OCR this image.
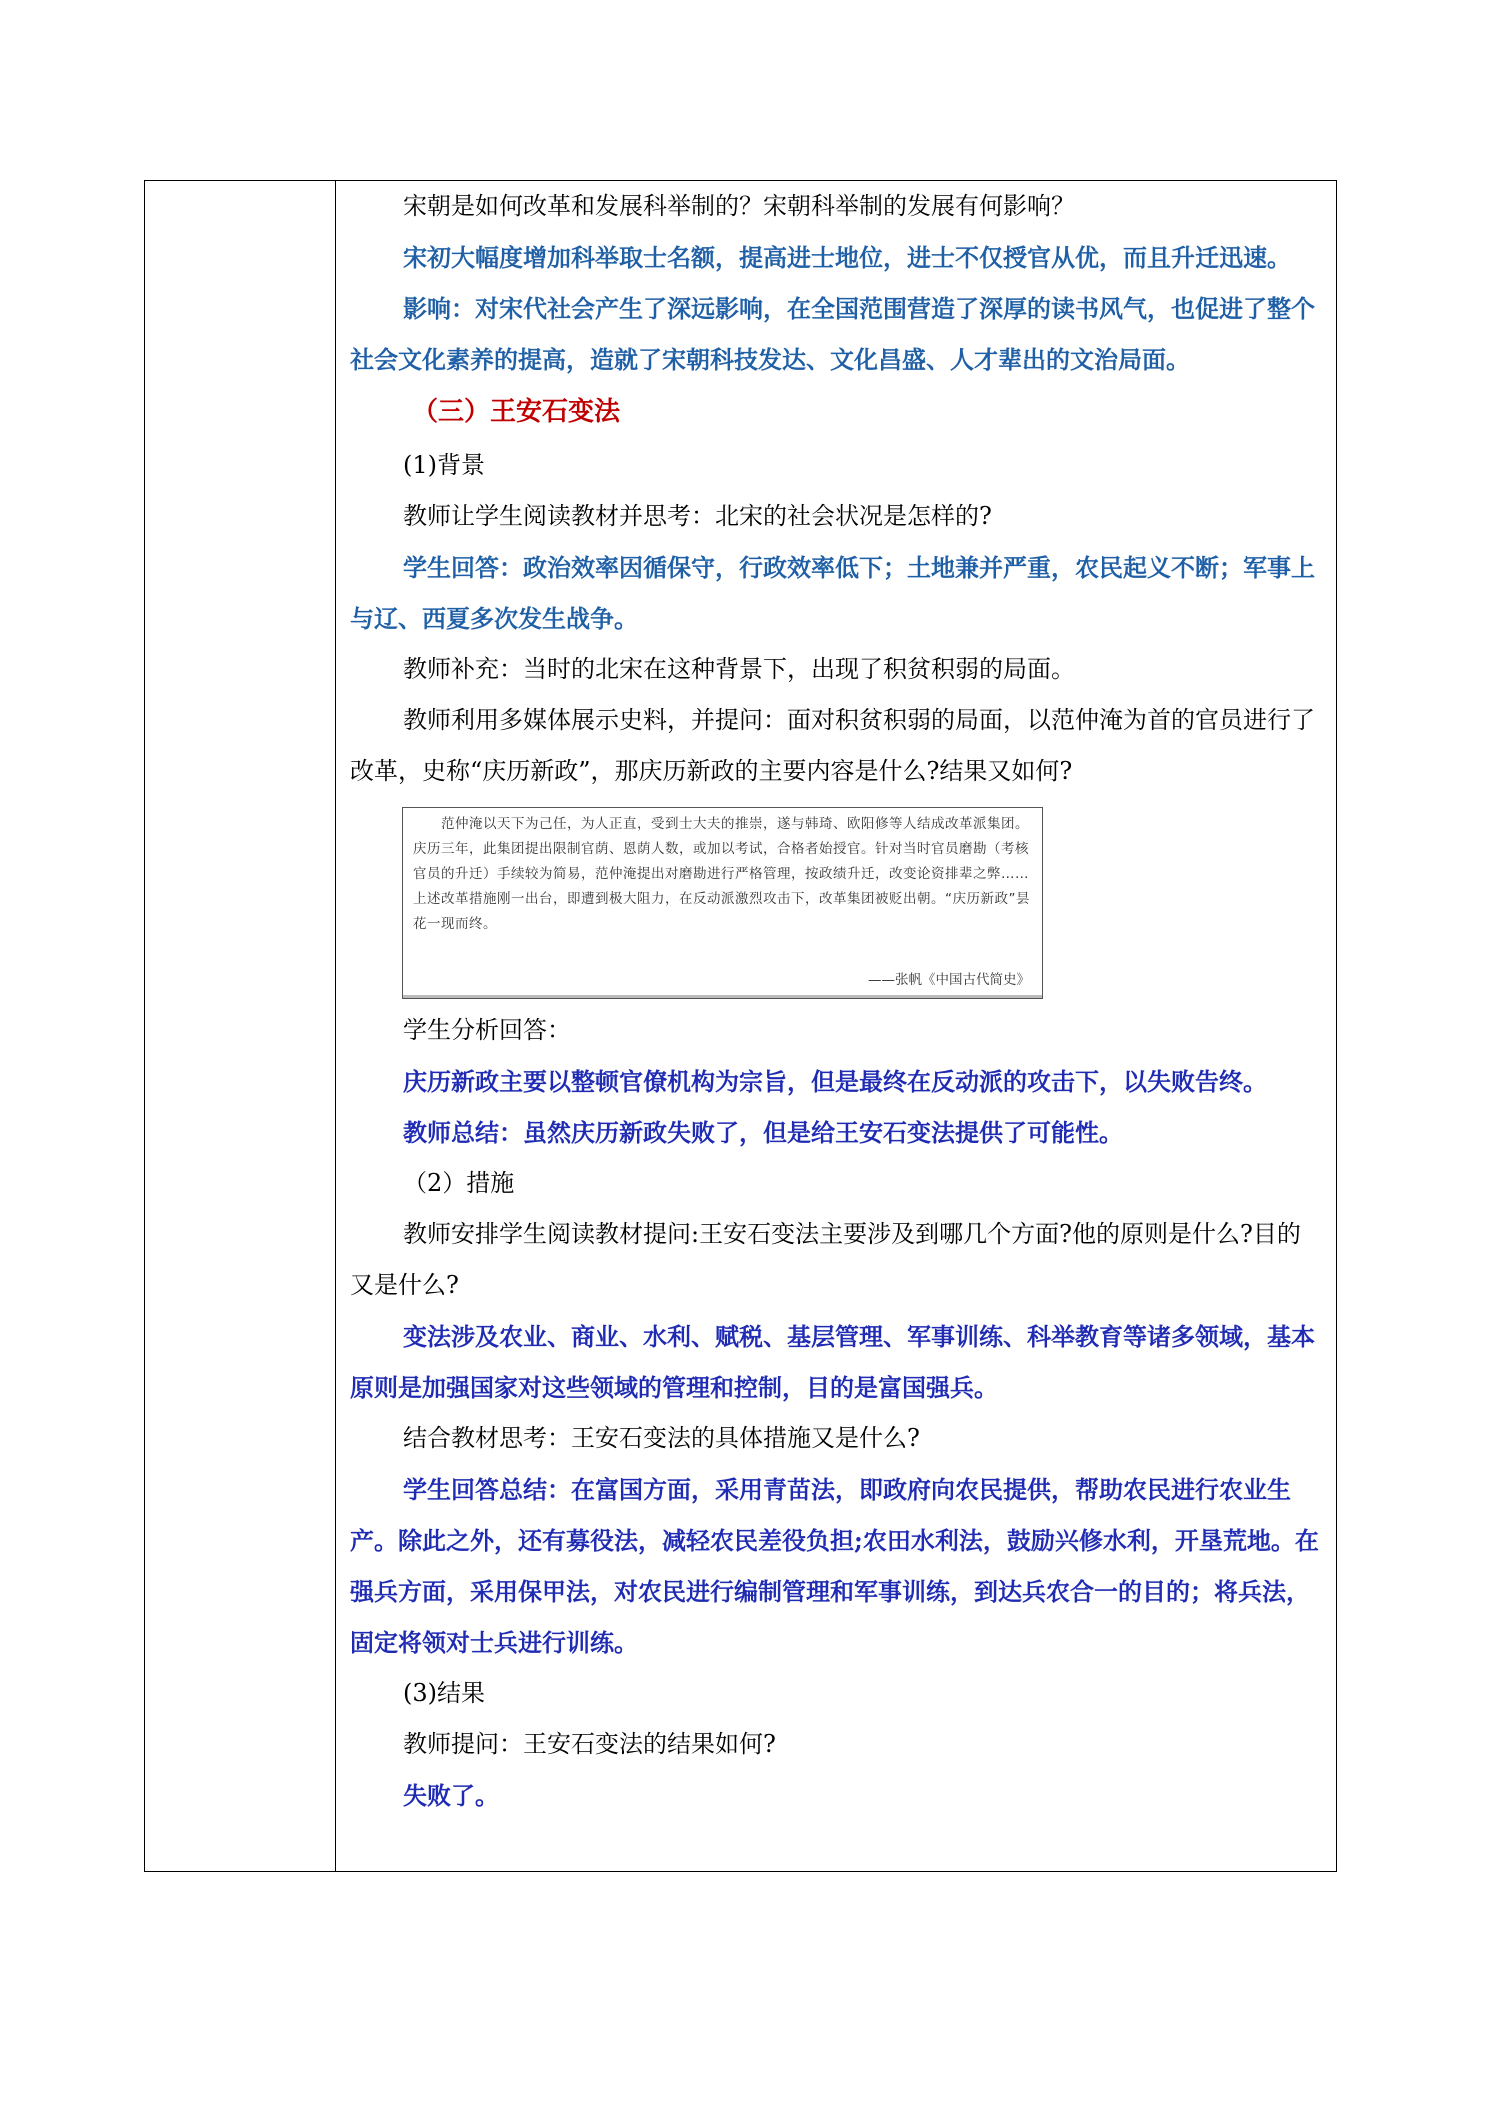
宋朝是如何改革和发展科举制的？宋朝科举制的发展有何影响？

宋初大幅度增加科举取士名额，提高进士地位，进士不仅授官从优，而且升迁迅速。

影响：对宋代社会产生了深远影响，在全国范围营造了深厚的读书风气，也促进了整个社会文化素养的提高，造就了宋朝科技发达、文化昌盛、人才辈出的文治局面。

（三）王安石变法

(1)背景

教师让学生阅读教材并思考：北宋的社会状况是怎样的?

学生回答：政治效率因循保守，行政效率低下；土地兼并严重，农民起义不断；军事上与辽、西夏多次发生战争。

教师补充：当时的北宋在这种背景下，出现了积贫积弱的局面。

教师利用多媒体展示史料，并提问：面对积贫积弱的局面，以范仲淹为首的官员进行了改革，史称“庆历新政”，那庆历新政的主要内容是什么?结果又如何?

范仲淹以天下为己任，为人正直，受到士大夫的推崇，遂与韩琦、欧阳修等人结成改革派集团。庆历三年，此集团提出限制官荫、恩荫人数，或加以考试，合格者始授官。针对当时官员磨勘（考核官员的升迁）手续较为简易，范仲淹提出对磨勘进行严格管理，按政绩升迁，改变论资排辈之弊……上述改革措施刚一出台，即遭到极大阻力，在反动派激烈攻击下，改革集团被贬出朝。“庆历新政”昙花一现而终。
——张帆《中国古代简史》

学生分析回答：

庆历新政主要以整顿官僚机构为宗旨，但是最终在反动派的攻击下，以失败告终。

教师总结：虽然庆历新政失败了，但是给王安石变法提供了可能性。

（2）措施

教师安排学生阅读教材提问:王安石变法主要涉及到哪几个方面?他的原则是什么?目的又是什么?

变法涉及农业、商业、水利、赋税、基层管理、军事训练、科举教育等诸多领域，基本原则是加强国家对这些领域的管理和控制，目的是富国强兵。

结合教材思考：王安石变法的具体措施又是什么?

学生回答总结：在富国方面，采用青苗法，即政府向农民提供，帮助农民进行农业生产。除此之外，还有募役法，减轻农民差役负担;农田水利法，鼓励兴修水利，开垦荒地。在强兵方面，采用保甲法，对农民进行编制管理和军事训练，到达兵农合一的目的；将兵法，固定将领对士兵进行训练。

(3)结果

教师提问：王安石变法的结果如何?

失败了。
